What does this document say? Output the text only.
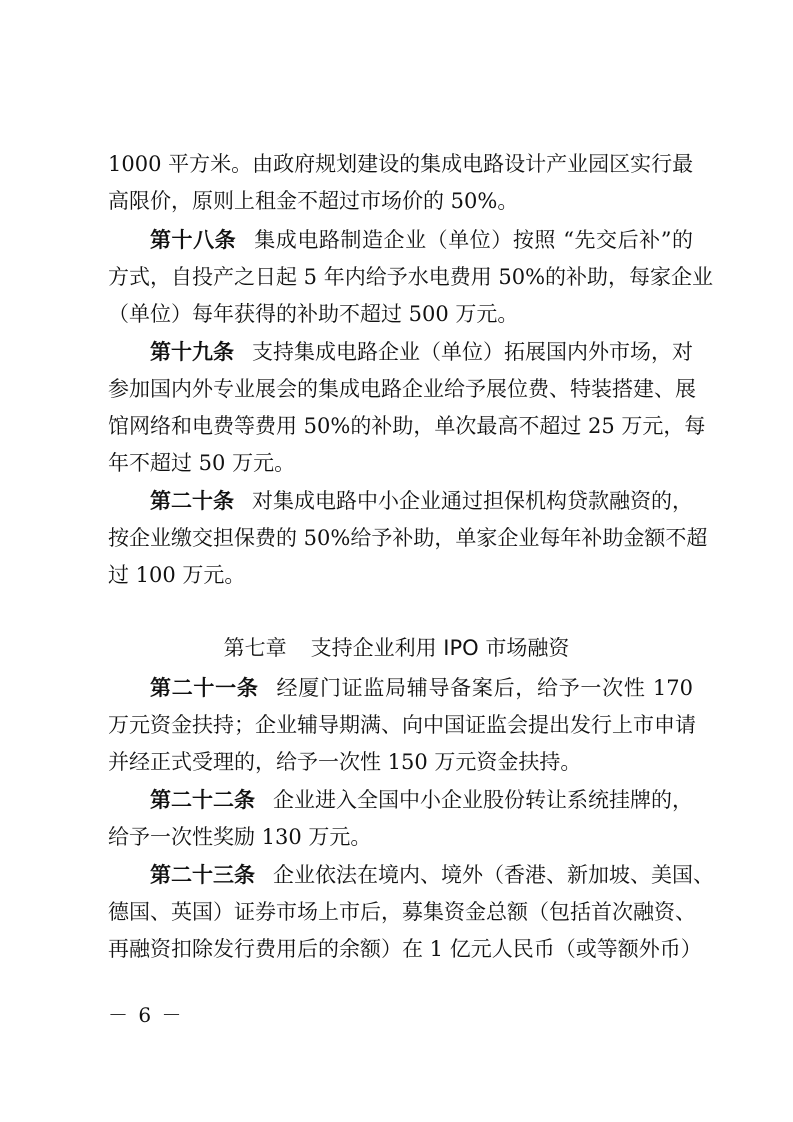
1000 平方米。由政府规划建设的集成电路设计产业园区实行最
高限价，原则上租金不超过市场价的 50%。
第十八条 集成电路制造企业（单位）按照 “先交后补”的
方式，自投产之日起 5 年内给予水电费用 50%的补助，每家企业
（单位）每年获得的补助不超过 500 万元。
第十九条 支持集成电路企业（单位）拓展国内外市场，对
参加国内外专业展会的集成电路企业给予展位费、特装搭建、展
馆网络和电费等费用 50%的补助，单次最高不超过 25 万元，每
年不超过 50 万元。
第二十条 对集成电路中小企业通过担保机构贷款融资的，
按企业缴交担保费的 50%给予补助，单家企业每年补助金额不超
过 100 万元。
第七章 支持企业利用 IPO 市场融资
第二十一条 经厦门证监局辅导备案后，给予一次性 170
万元资金扶持；企业辅导期满、向中国证监会提出发行上市申请
并经正式受理的，给予一次性 150 万元资金扶持。
第二十二条 企业进入全国中小企业股份转让系统挂牌的，
给予一次性奖励 130 万元。
第二十三条 企业依法在境内、境外（香港、新加坡、美国、
德国、英国）证券市场上市后，募集资金总额（包括首次融资、
再融资扣除发行费用后的余额）在 1 亿元人民币（或等额外币）
－ 6 －
